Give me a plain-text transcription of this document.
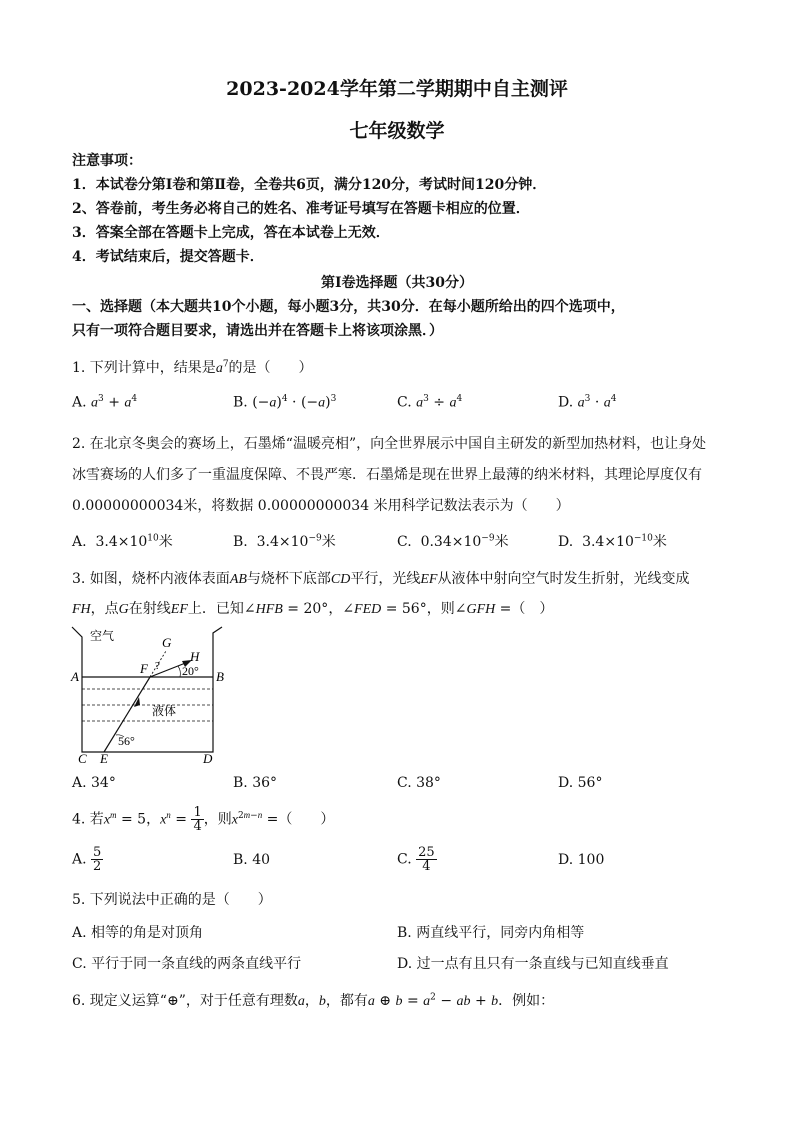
2023-2024学年第二学期期中自主测评
七年级数学
注意事项：
1．本试卷分第Ⅰ卷和第Ⅱ卷，全卷共6页，满分120分，考试时间120分钟．
2、答卷前，考生务必将自己的姓名、准考证号填写在答题卡相应的位置．
3．答案全部在答题卡上完成，答在本试卷上无效．
4．考试结束后，提交答题卡．
第Ⅰ卷选择题（共30分）
一、选择题（本大题共10个小题，每小题3分，共30分．在每小题所给出的四个选项中，
只有一项符合题目要求，请选出并在答题卡上将该项涂黑．）
1. 下列计算中，结果是$a^7$的是（　　）
A. $a^3 + a^4$	B. $(-a)^4 \cdot (-a)^3$	C. $a^3 \div a^4$	D. $a^3 \cdot a^4$
2. 在北京冬奥会的赛场上，石墨烯“温暖亮相”，向全世界展示中国自主研发的新型加热材料，也让身处
冰雪赛场的人们多了一重温度保障、不畏严寒．石墨烯是现在世界上最薄的纳米材料，其理论厚度仅有
0.00000000034米，将数据 0.00000000034 米用科学记数法表示为（　　）
A.  $3.4\times 10^{10}$米	B.  $3.4\times 10^{-9}$米	C.  $0.34\times 10^{-9}$米	D.  $3.4\times 10^{-10}$米
3. 如图，烧杯内液体表面AB与烧杯下底部CD平行，光线EF从液体中射向空气时发生折射，光线变成
FH，点G在射线EF上．已知∠HFB = 20°，∠FED = 56°，则∠GFH =（　）
空气
液体
A	B
C E	D
F
G
H
? 20°
56°
A. 34°	B. 36°	C. 38°	D. 56°
4. 若$x^m = 5$，$x^n = \frac{1}{4}$ ，则$x^{2m-n}$ =（　　）
A. $\frac{5}{2}$	B. 40	C. $\frac{25}{4}$	D. 100
5. 下列说法中正确的是（　　）
A. 相等的角是对顶角	B. 两直线平行，同旁内角相等
C. 平行于同一条直线的两条直线平行	D. 过一点有且只有一条直线与已知直线垂直
6. 现定义运算“⊕”，对于任意有理数a，b，都有a ⊕ $b = a^2$ − ab + b．例如：
